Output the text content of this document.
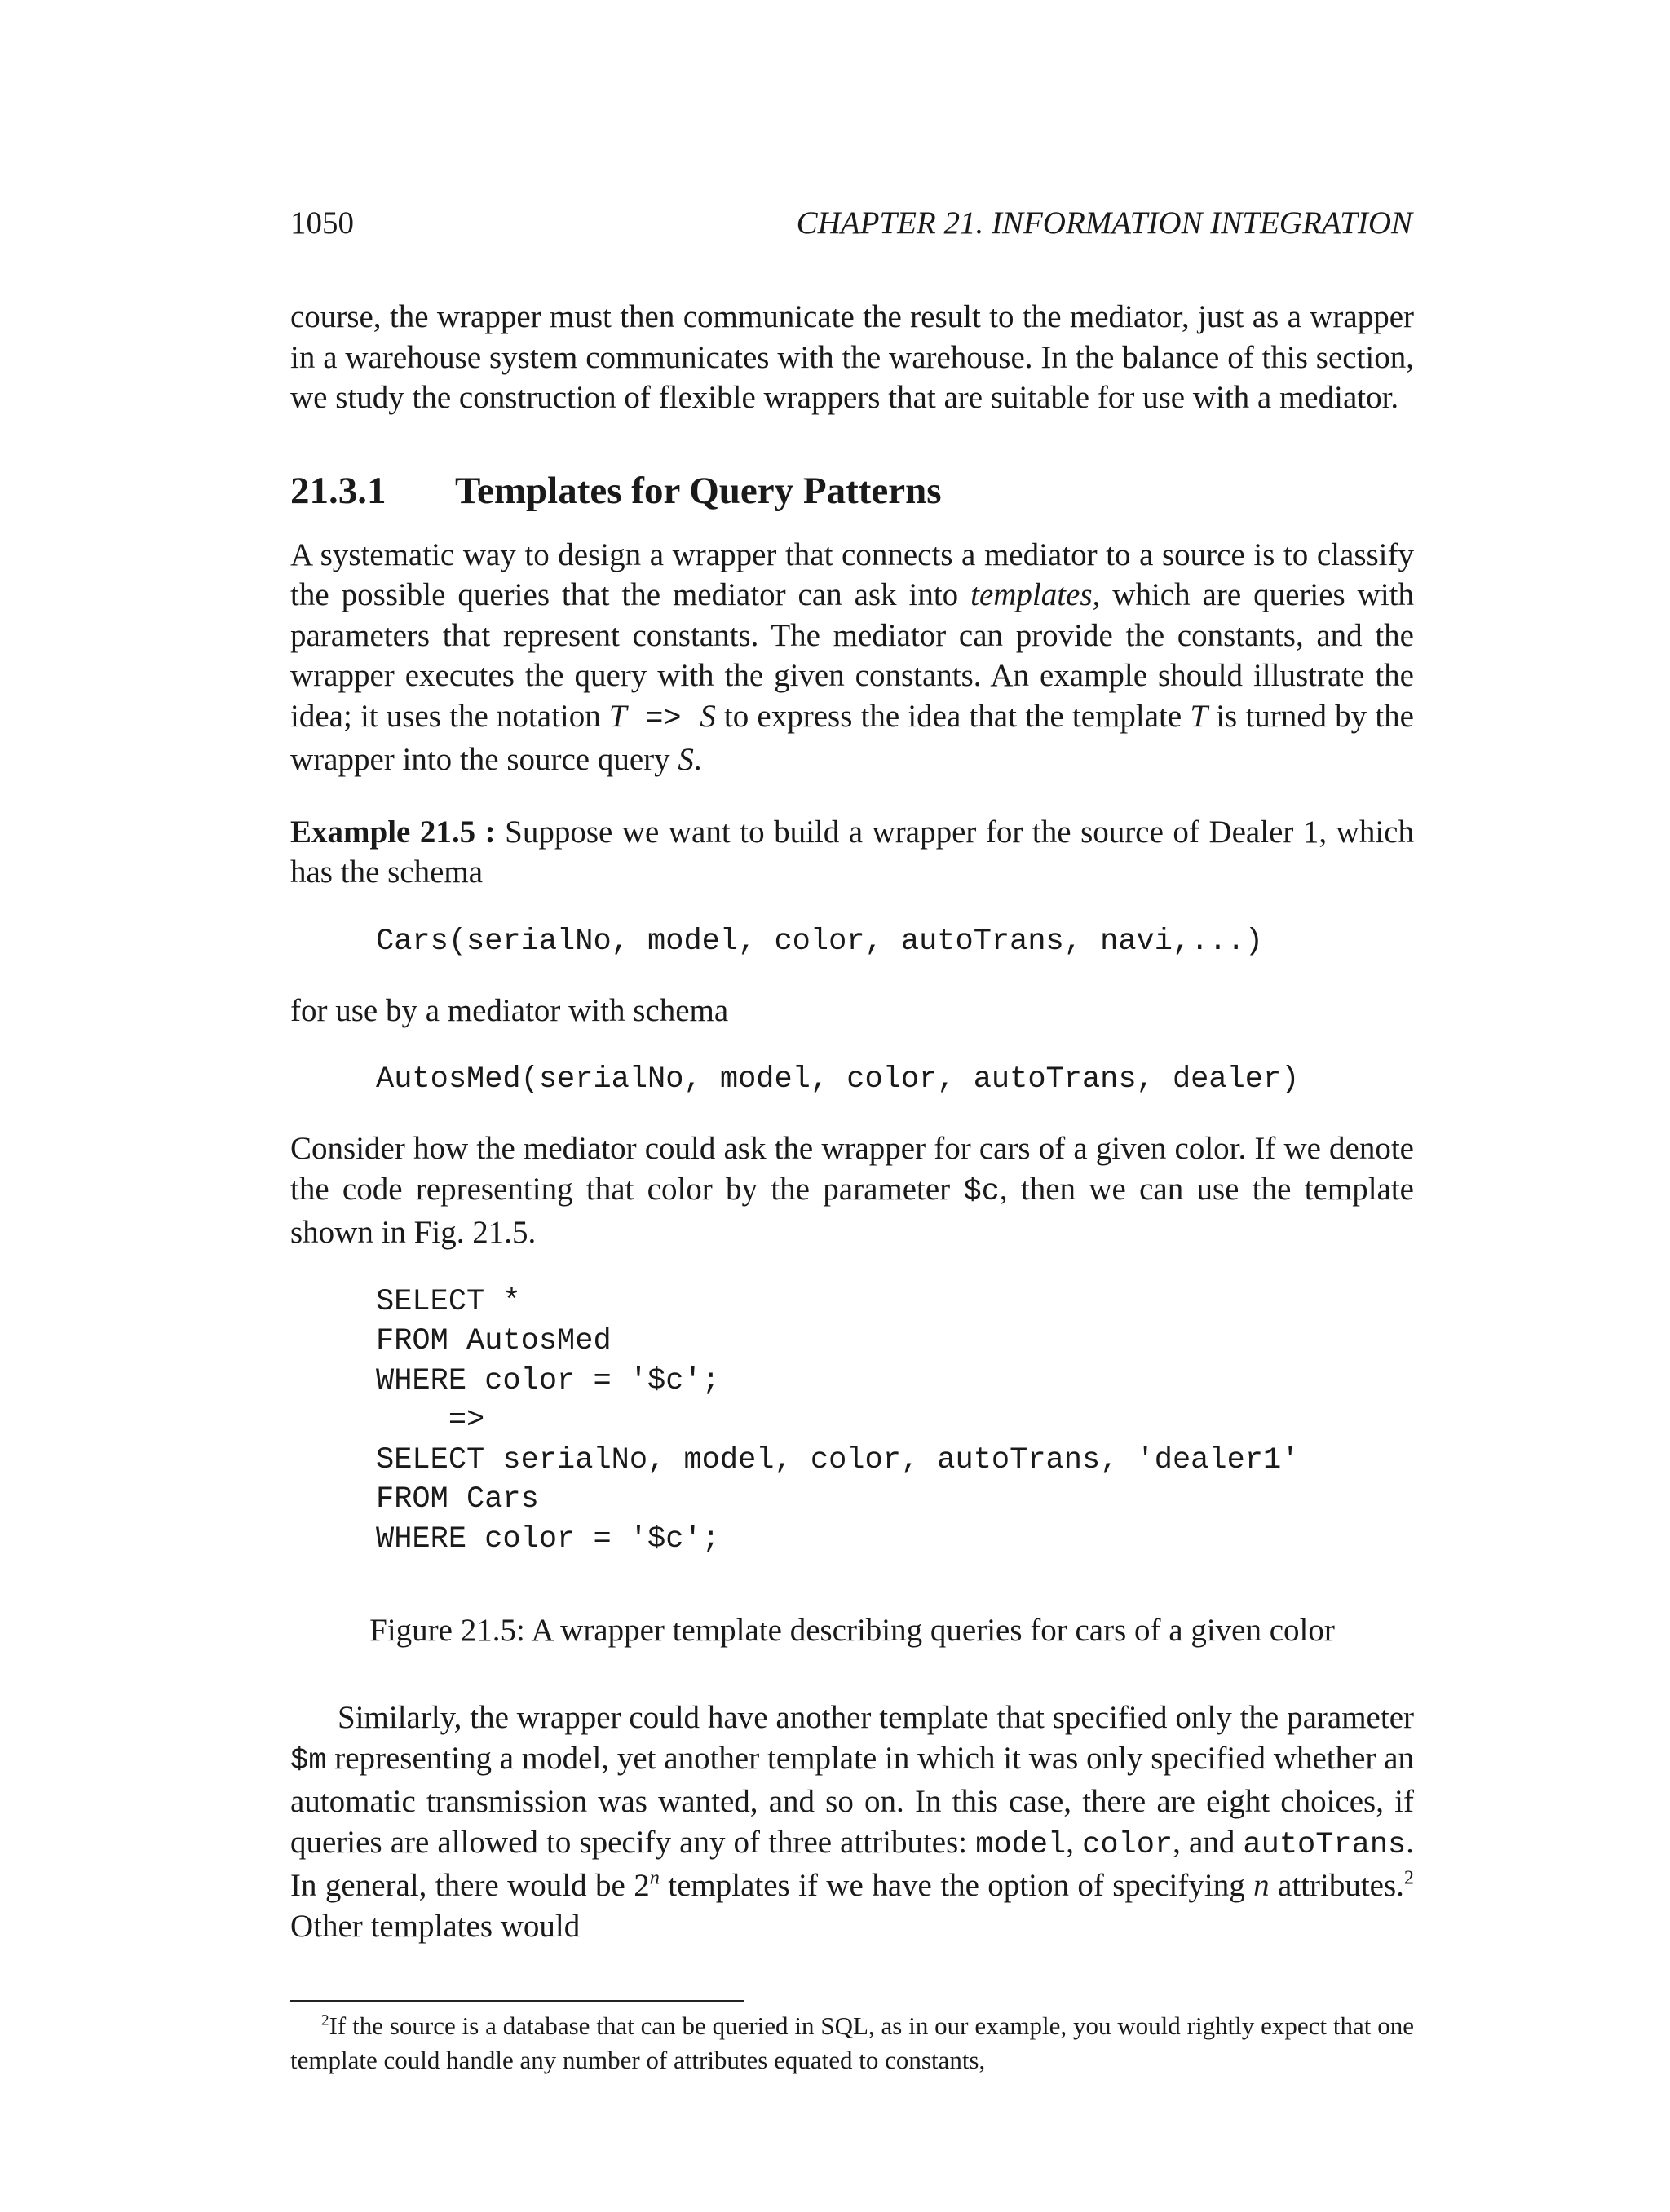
1050	CHAPTER 21. INFORMATION INTEGRATION

course, the wrapper must then communicate the result to the mediator, just as a wrapper in a warehouse system communicates with the warehouse. In the balance of this section, we study the construction of flexible wrappers that are suitable for use with a mediator.

21.3.1 Templates for Query Patterns

A systematic way to design a wrapper that connects a mediator to a source is to classify the possible queries that the mediator can ask into templates, which are queries with parameters that represent constants. The mediator can provide the constants, and the wrapper executes the query with the given constants. An example should illustrate the idea; it uses the notation T => S to express the idea that the template T is turned by the wrapper into the source query S.

Example 21.5 : Suppose we want to build a wrapper for the source of Dealer 1, which has the schema

Cars(serialNo, model, color, autoTrans, navi,...)

for use by a mediator with schema

AutosMed(serialNo, model, color, autoTrans, dealer)

Consider how the mediator could ask the wrapper for cars of a given color. If we denote the code representing that color by the parameter $c, then we can use the template shown in Fig. 21.5.

SELECT *
FROM AutosMed
WHERE color = '$c';
=>
SELECT serialNo, model, color, autoTrans, 'dealer1'
FROM Cars
WHERE color = '$c';

Figure 21.5: A wrapper template describing queries for cars of a given color

Similarly, the wrapper could have another template that specified only the parameter $m representing a model, yet another template in which it was only specified whether an automatic transmission was wanted, and so on. In this case, there are eight choices, if queries are allowed to specify any of three attributes: model, color, and autoTrans. In general, there would be 2$^n$ templates if we have the option of specifying n attributes.$^2$ Other templates would

$^2$If the source is a database that can be queried in SQL, as in our example, you would rightly expect that one template could handle any number of attributes equated to constants,
